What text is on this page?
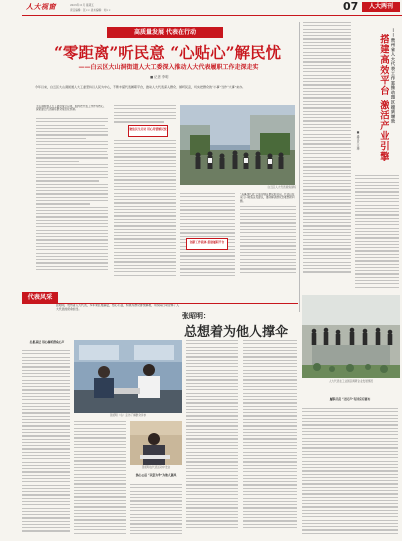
人大视窗	2023年11月 星期五
责任编辑：张×× 美术编辑：刘××	07	人大两刊
高质量发展 代表在行动
“零距离”听民意 “心贴心”解民忧
——白云区大山洞街道人大工委深入推动人大代表履职工作走深走实
■ 记者 李明
今年以来，白云区大山洞街道人大工委坚持以人民为中心，不断丰富代表履职平台，推动人大代表深入群众、倾听民意，切实把群众的“小事”当作“大事”来办。
大山洞街道人大工委自成立以来，始终把代表工作作为核心，探索建立代表联系群众常态化机制。
聚焦民生关切 用心用情解民忧
白云区人大代表视察现场
创新工作载体 搭建履职平台
“有事找代表”已成为辖区群众的共识，代表们在家门口收集意见建议，推动解决群众急难愁盼问题。
——贵州省人大代表工作室推动园区提质增效
搭建高效平台 激活产业引擎
■ 通讯员 王珊
人大代表在工业园区调研企业发展情况
代表风采
张昭明，贵州省人大代表，多年来扎根基层，热心公益，积极为群众排忧解难，用实际行动诠释了人大代表的使命担当。
张昭明：
总想着为他人撑伞
扎根基层 用心倾听群众心声
张昭明（右）走访了解群众诉求
张昭明在代表活动中发言
热心公益 “以爱为伞”为他人遮风
履职尽责 “让民声”有回应有落实
